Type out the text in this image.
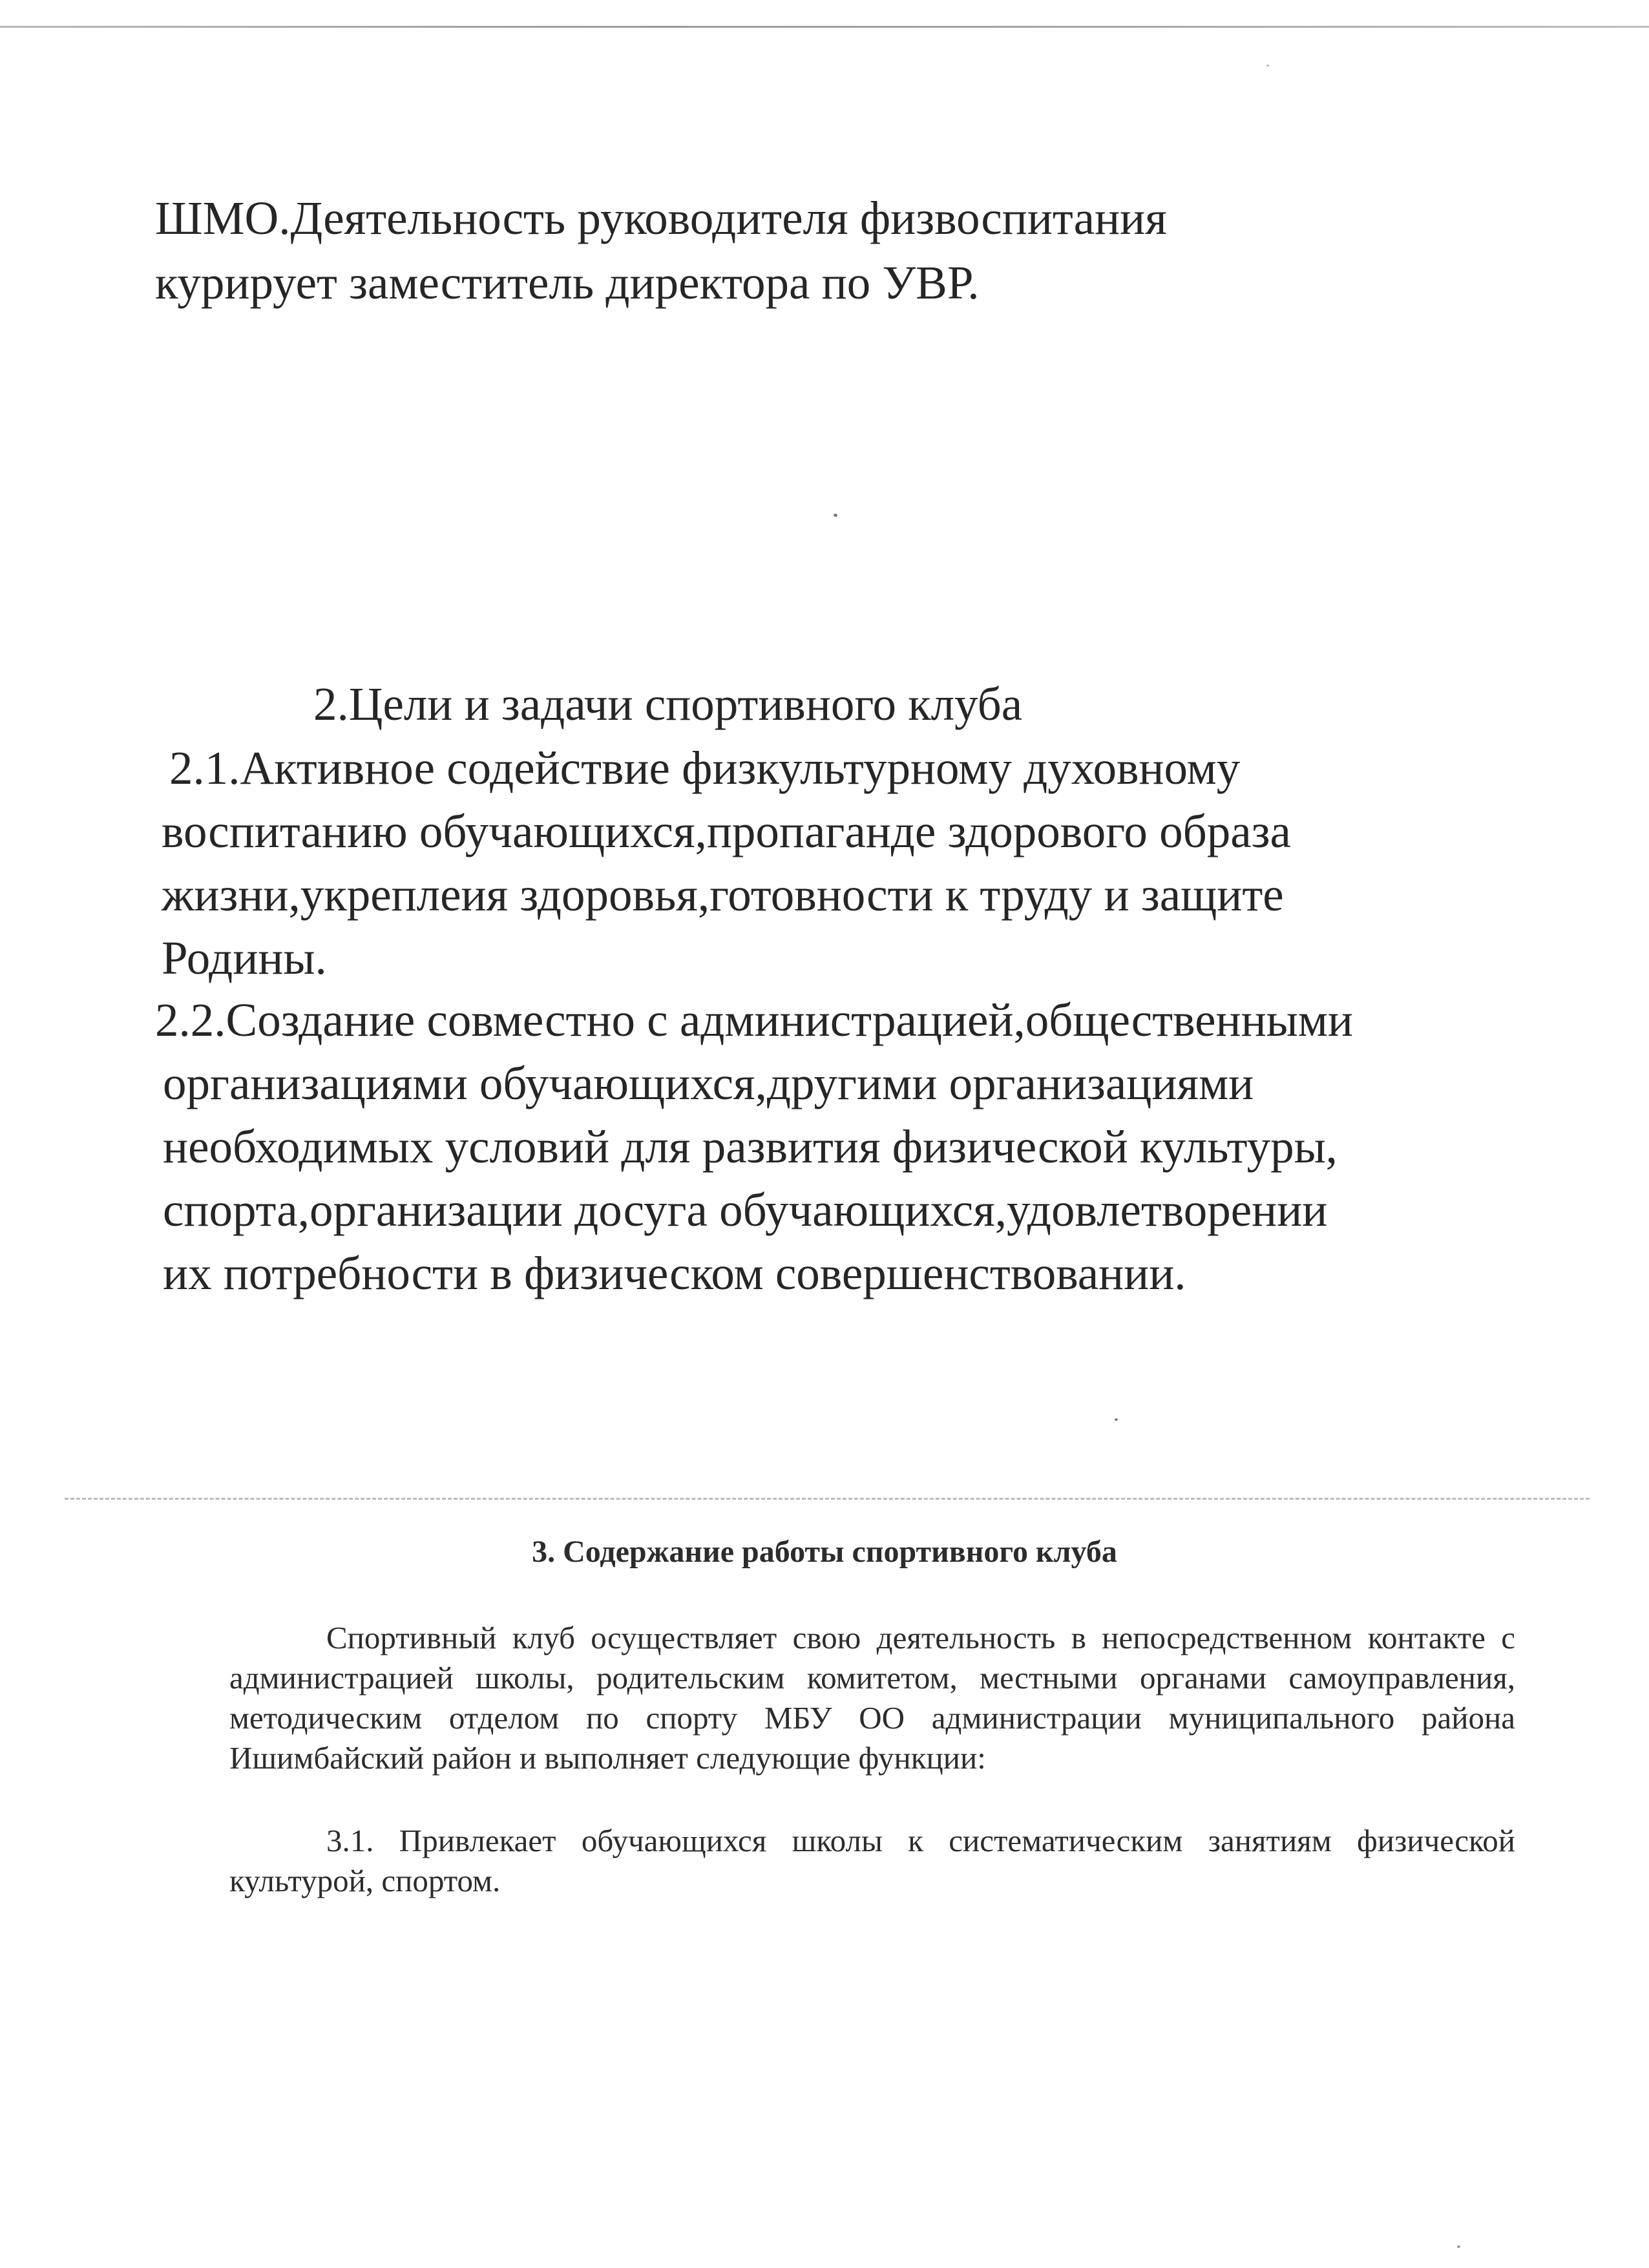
ШМО.Деятельность руководителя физвоспитания

курирует заместитель директора по УВР.

2.Цели и задачи спортивного клуба

2.1.Активное содействие физкультурному духовному
воспитанию обучающихся,пропаганде здорового образа
жизни,укреплеия здоровья,готовности к труду и защите
Родины.

2.2.Создание совместно с администрацией,общественными
организациями обучающихся,другими организациями
необходимых условий для развития физической культуры,
спорта,организации досуга обучающихся,удовлетворении
их потребности в физическом совершенствовании.

3. Содержание работы спортивного клуба

Спортивный клуб осуществляет свою деятельность в непосредственном контакте с администрацией школы, родительским комитетом, местными органами самоуправления, методическим отделом по спорту МБУ ОО администрации муниципального района Ишимбайский район и выполняет следующие функции:

3.1. Привлекает обучающихся школы к систематическим занятиям физической культурой, спортом.
